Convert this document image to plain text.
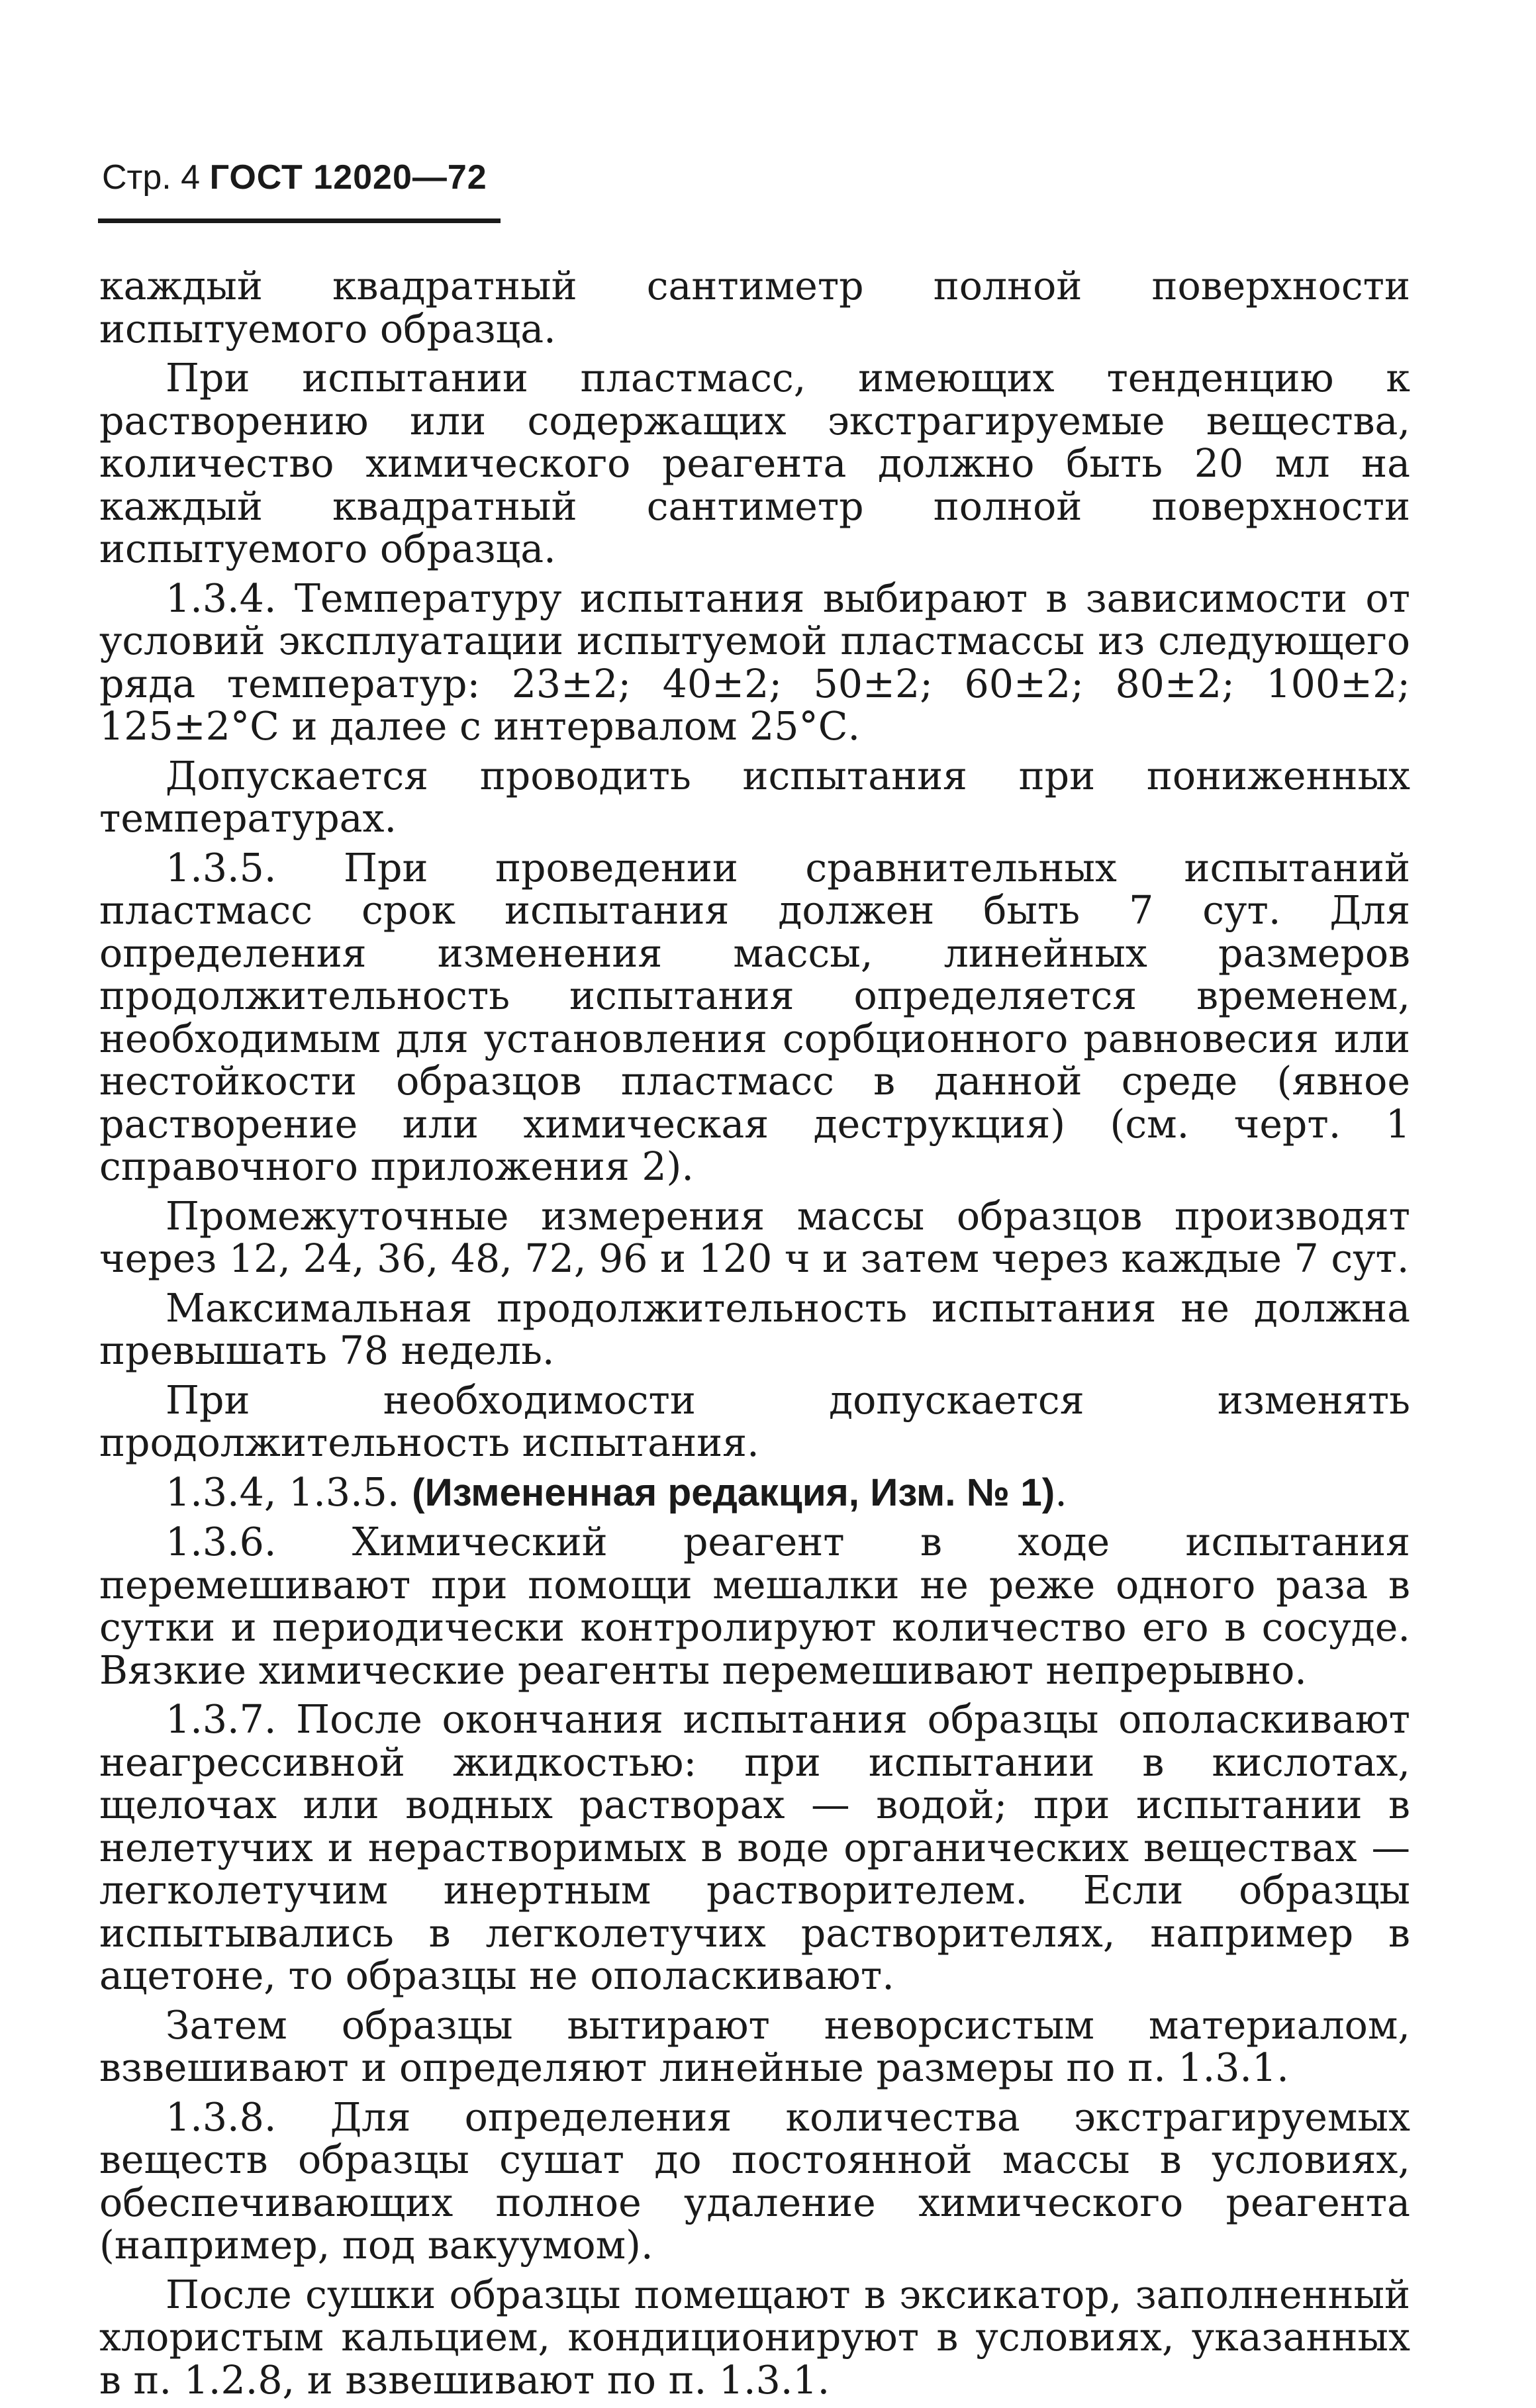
Стр. 4 ГОСТ 12020—72

каждый квадратный сантиметр полной поверхности испытуемого образца.

При испытании пластмасс, имеющих тенденцию к растворению или содержащих экстрагируемые вещества, количество химического реагента должно быть 20 мл на каждый квадратный сантиметр полной поверхности испытуемого образца.

1.3.4. Температуру испытания выбирают в зависимости от условий эксплуатации испытуемой пластмассы из следующего ряда температур: 23±2; 40±2; 50±2; 60±2; 80±2; 100±2; 125±2°С и далее с интервалом 25°С.

Допускается проводить испытания при пониженных температурах.

1.3.5. При проведении сравнительных испытаний пластмасс срок испытания должен быть 7 сут. Для определения изменения массы, линейных размеров продолжительность испытания определяется временем, необходимым для установления сорбционного равновесия или нестойкости образцов пластмасс в данной среде (явное растворение или химическая деструкция) (см. черт. 1 справочного приложения 2).

Промежуточные измерения массы образцов производят через 12, 24, 36, 48, 72, 96 и 120 ч и затем через каждые 7 сут.

Максимальная продолжительность испытания не должна превышать 78 недель.

При необходимости допускается изменять продолжительность испытания.

1.3.4, 1.3.5. (Измененная редакция, Изм. № 1).

1.3.6. Химический реагент в ходе испытания перемешивают при помощи мешалки не реже одного раза в сутки и периодически контролируют количество его в сосуде. Вязкие химические реагенты перемешивают непрерывно.

1.3.7. После окончания испытания образцы ополаскивают неагрессивной жидкостью: при испытании в кислотах, щелочах или водных растворах — водой; при испытании в нелетучих и нерастворимых в воде органических веществах — легколетучим инертным растворителем. Если образцы испытывались в легколетучих растворителях, например в ацетоне, то образцы не ополаскивают.

Затем образцы вытирают неворсистым материалом, взвешивают и определяют линейные размеры по п. 1.3.1.

1.3.8. Для определения количества экстрагируемых веществ образцы сушат до постоянной массы в условиях, обеспечивающих полное удаление химического реагента (например, под вакуумом).

После сушки образцы помещают в эксикатор, заполненный хлористым кальцием, кондиционируют в условиях, указанных в п. 1.2.8, и взвешивают по п. 1.3.1.
